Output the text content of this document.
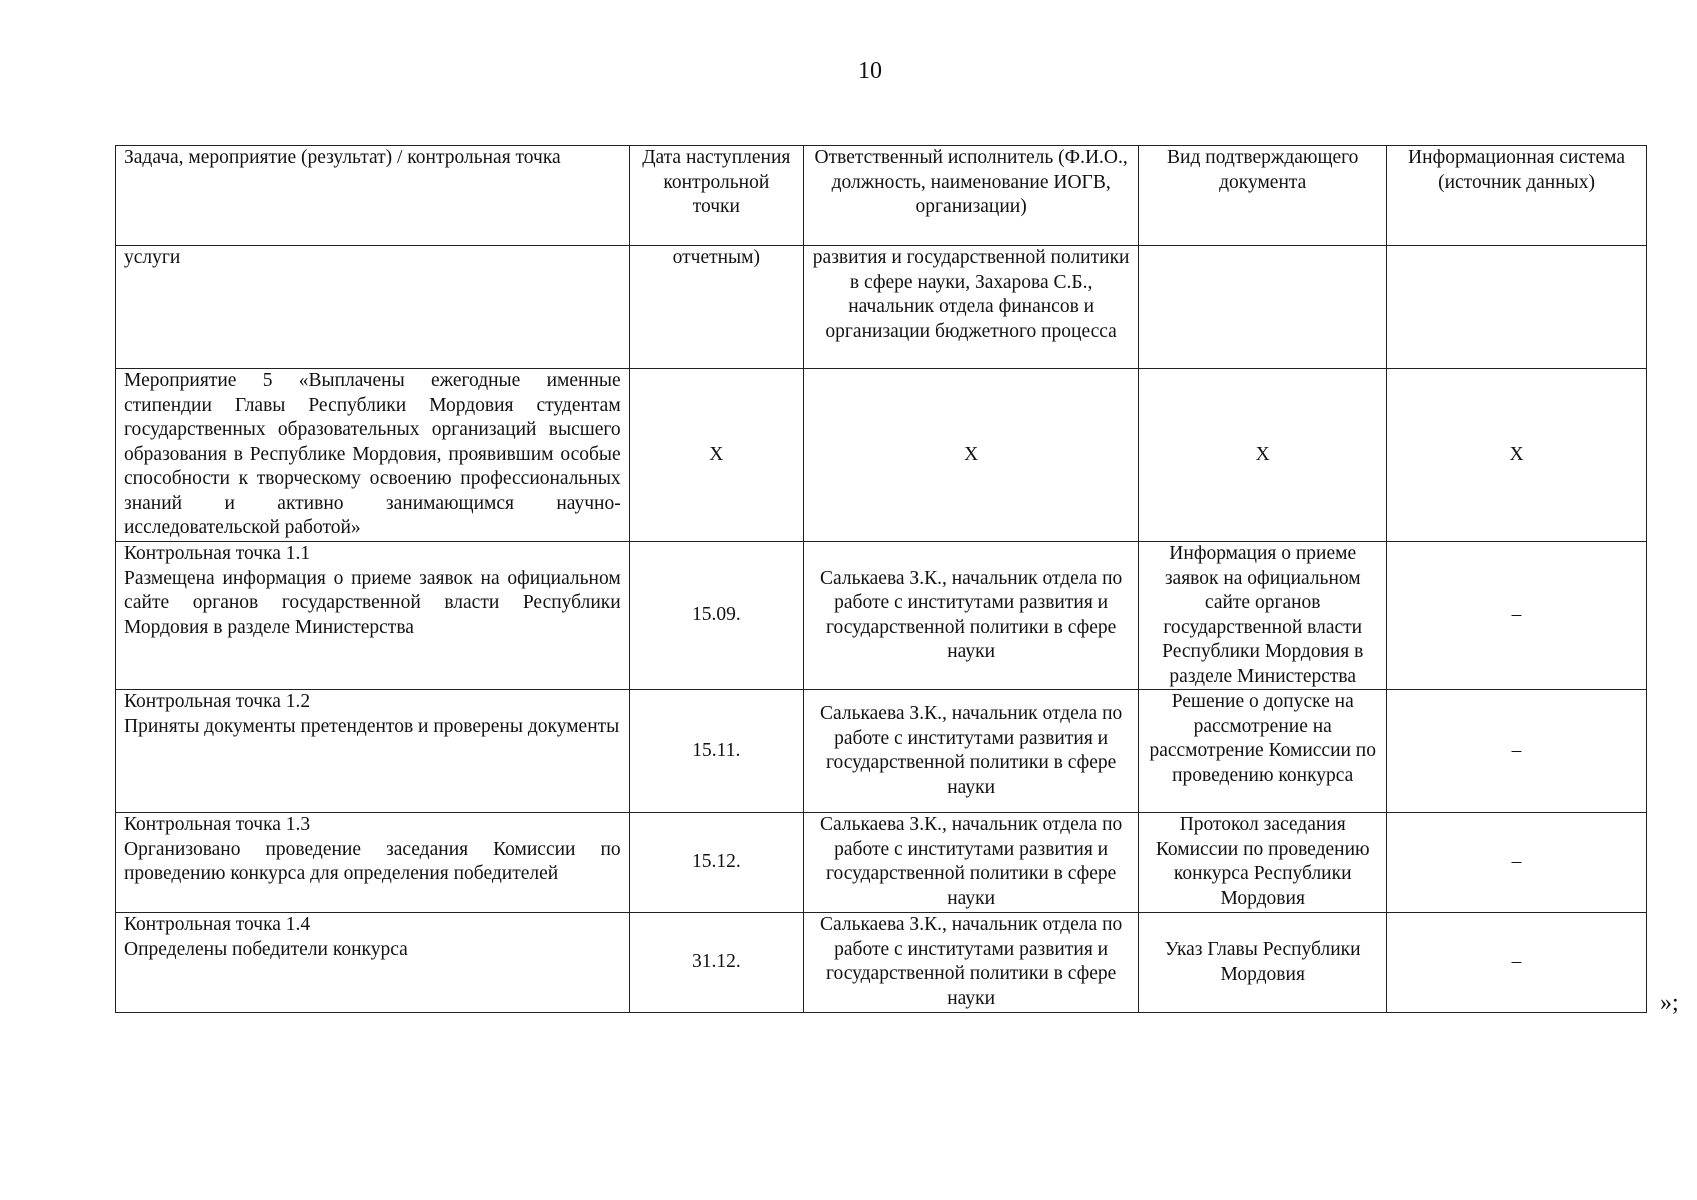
10
Задача, мероприятие (результат) / контрольная точка	Дата наступления контрольной точки	Ответственный исполнитель (Ф.И.О., должность, наименование ИОГВ, организации)	Вид подтверждающего документа	Информационная система (источник данных)
услуги	отчетным)	развития и государственной политики в сфере науки, Захарова С.Б., начальник отдела финансов и организации бюджетного процесса		
Мероприятие 5 «Выплачены ежегодные именные стипендии Главы Республики Мордовия студентам государственных образовательных организаций высшего образования в Республике Мордовия, проявившим особые способности к творческому освоению профессиональных знаний и активно занимающимся научно-исследовательской работой»	Х	Х	Х	Х

Контрольная точка 1.1
Размещена информация о приеме заявок на официальном сайте органов государственной власти Республики Мордовия в разделе Министерства	15.09.	Салькаева З.К., начальник отдела по работе с институтами развития и государственной политики в сфере науки	Информация о приеме заявок на официальном сайте органов государственной власти Республики Мордовия в разделе Министерства	–

Контрольная точка 1.2
Приняты документы претендентов и проверены документы	15.11.	Салькаева З.К., начальник отдела по работе с институтами развития и государственной политики в сфере науки	Решение о допуске на рассмотрение на рассмотрение Комиссии по проведению конкурса	–

Контрольная точка 1.3
Организовано проведение заседания Комиссии по проведению конкурса для определения победителей	15.12.	Салькаева З.К., начальник отдела по работе с институтами развития и государственной политики в сфере науки	Протокол заседания Комиссии по проведению конкурса Республики Мордовия	–

Контрольная точка 1.4
Определены победители конкурса	31.12.	Салькаева З.К., начальник отдела по работе с институтами развития и государственной политики в сфере науки	Указ Главы Республики Мордовия	–
»;
